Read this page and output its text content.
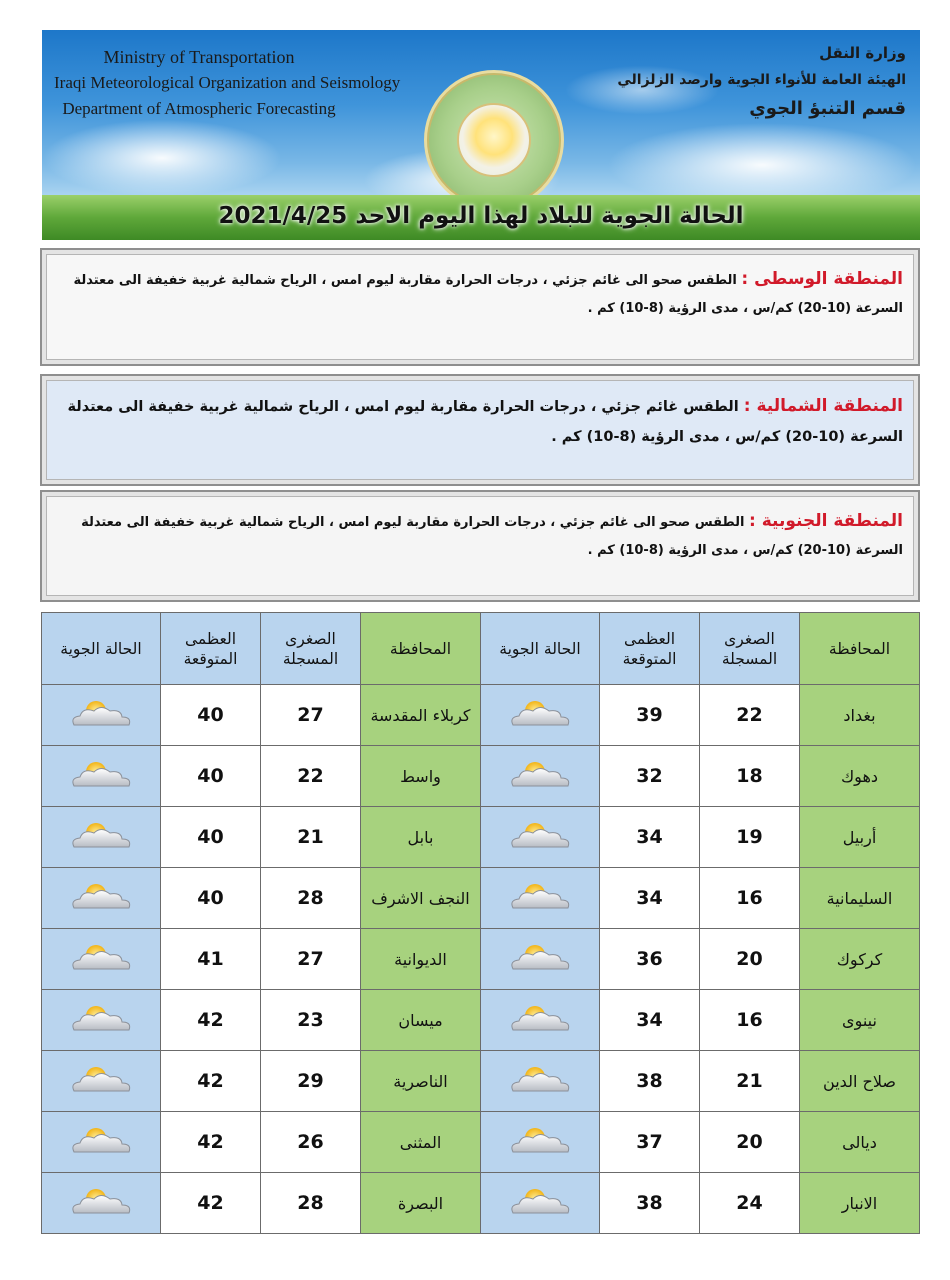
Ministry of Transportation
Iraqi Meteorological Organization and Seismology
Department of Atmospheric Forecasting
وزارة النقل
الهيئة العامة للأنواء الجوية وارصد الزلزالي
قسم التنبؤ الجوي
الحالة الجوية للبلاد لهذا اليوم الاحد 2021/4/25
المنطقة الوسطى : الطقس صحو الى غائم جزئي ، درجات الحرارة مقاربة ليوم امس ، الرياح شمالية غربية خفيفة الى معتدلة السرعة (10-20) كم/س ، مدى الرؤية (8-10) كم .
المنطقة الشمالية : الطقس غائم جزئي ، درجات الحرارة مقاربة ليوم امس ، الرياح شمالية غربية خفيفة الى معتدلة السرعة (10-20) كم/س ، مدى الرؤية (8-10) كم .
المنطقة الجنوبية : الطقس صحو الى غائم جزئي ، درجات الحرارة مقاربة ليوم امس ، الرياح شمالية غربية خفيفة الى معتدلة السرعة (10-20) كم/س ، مدى الرؤية (8-10) كم .
المحافظة	الصغرى المسجلة	العظمى المتوقعة	الحالة الجوية	المحافظة	الصغرى المسجلة	العظمى المتوقعة	الحالة الجوية
بغداد	22	39		كربلاء المقدسة	27	40	
دهوك	18	32		واسط	22	40	
أربيل	19	34		بابل	21	40	
السليمانية	16	34		النجف الاشرف	28	40	
كركوك	20	36		الديوانية	27	41	
نينوى	16	34		ميسان	23	42	
صلاح الدين	21	38		الناصرية	29	42	
ديالى	20	37		المثنى	26	42	
الانبار	24	38		البصرة	28	42	
